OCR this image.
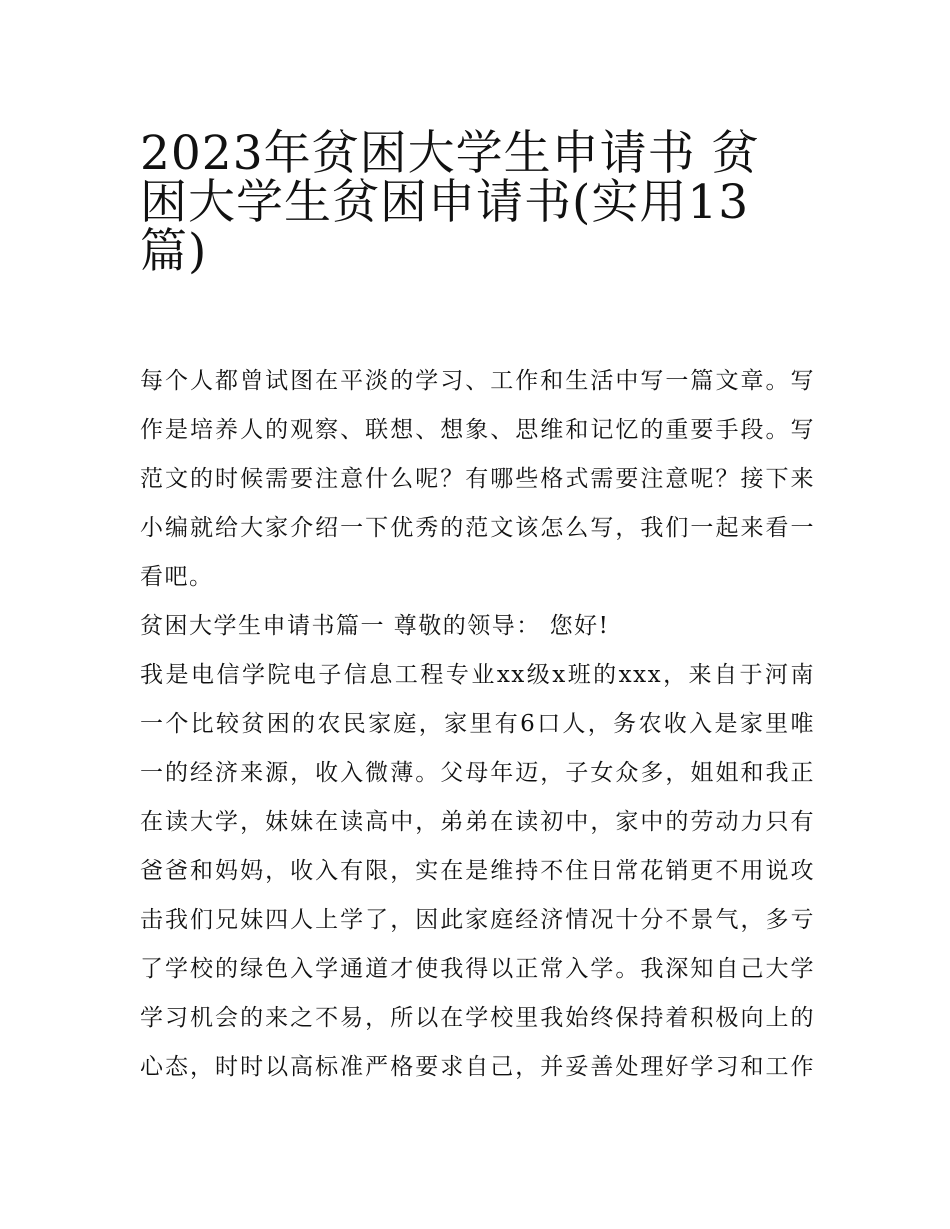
2023年贫困大学生申请书 贫
困大学生贫困申请书(实用13
篇)
每个人都曾试图在平淡的学习、工作和生活中写一篇文章。写
作是培养人的观察、联想、想象、思维和记忆的重要手段。写
范文的时候需要注意什么呢？有哪些格式需要注意呢？接下来
小编就给大家介绍一下优秀的范文该怎么写，我们一起来看一
看吧。
贫困大学生申请书篇一 尊敬的领导： 您好!
我是电信学院电子信息工程专业xx级x班的xxx，来自于河南
一个比较贫困的农民家庭，家里有6口人，务农收入是家里唯
一的经济来源，收入微薄。父母年迈，子女众多，姐姐和我正
在读大学，妹妹在读高中，弟弟在读初中，家中的劳动力只有
爸爸和妈妈，收入有限，实在是维持不住日常花销更不用说攻
击我们兄妹四人上学了，因此家庭经济情况十分不景气，多亏
了学校的绿色入学通道才使我得以正常入学。我深知自己大学
学习机会的来之不易，所以在学校里我始终保持着积极向上的
心态，时时以高标准严格要求自己，并妥善处理好学习和工作
